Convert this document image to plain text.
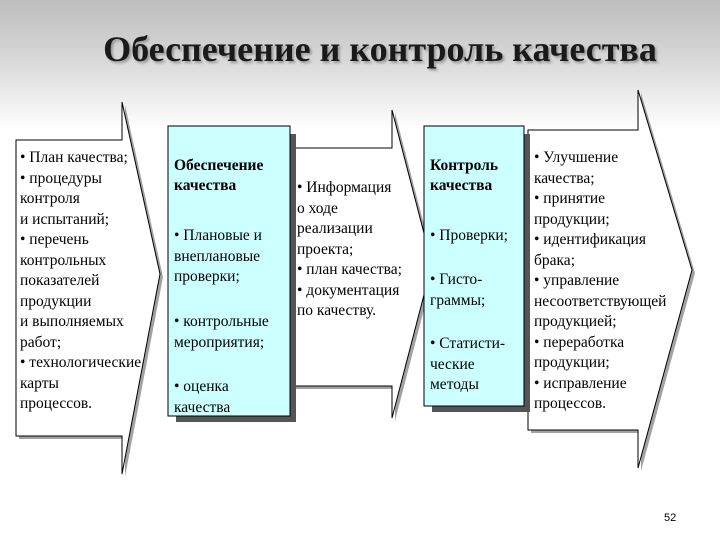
Обеспечение и контроль качества
• План качества;
• процедуры
контроля
и испытаний;
• перечень
контрольных
показателей
продукции
и выполняемых
работ;
• технологические
карты
процессов.
Обеспечение
качества
• Плановые и
внеплановые
проверки;
• контрольные
мероприятия;
• оценка
качества
• Информация
о ходе
реализации
проекта;
• план качества;
• документация
по качеству.
Контроль
качества
• Проверки;
• Гисто-
граммы;
• Статисти-
ческие
методы
• Улучшение
качества;
• принятие
продукции;
• идентификация
брака;
• управление
несоответствующей
продукцией;
• переработка
продукции;
• исправление
процессов.
52
